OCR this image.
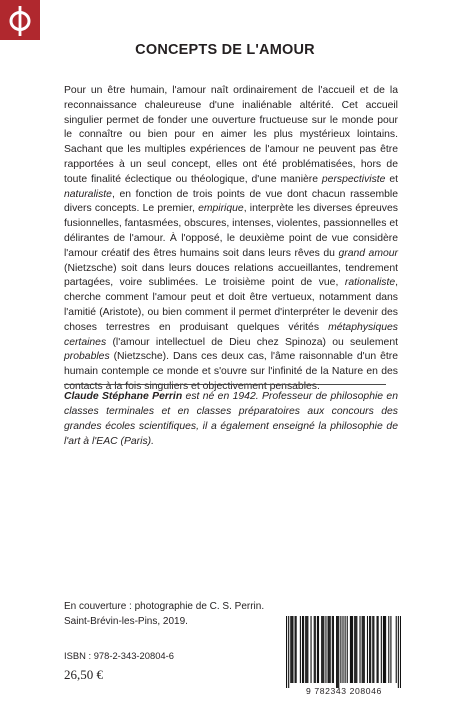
CONCEPTS DE L'AMOUR

Pour un être humain, l'amour naît ordinairement de l'accueil et de la reconnaissance chaleureuse d'une inaliénable altérité. Cet accueil singulier permet de fonder une ouverture fructueuse sur le monde pour le connaître ou bien pour en aimer les plus mystérieux lointains. Sachant que les multiples expériences de l'amour ne peuvent pas être rapportées à un seul concept, elles ont été problématisées, hors de toute finalité éclectique ou théologique, d'une manière perspectiviste et naturaliste, en fonction de trois points de vue dont chacun rassemble divers concepts. Le premier, empirique, interprète les diverses épreuves fusionnelles, fantasmées, obscures, intenses, violentes, passionnelles et délirantes de l'amour. À l'opposé, le deuxième point de vue considère l'amour créatif des êtres humains soit dans leurs rêves du grand amour (Nietzsche) soit dans leurs douces relations accueillantes, tendrement partagées, voire sublimées. Le troisième point de vue, rationaliste, cherche comment l'amour peut et doit être vertueux, notamment dans l'amitié (Aristote), ou bien comment il permet d'interpréter le devenir des choses terrestres en produisant quelques vérités métaphysiques certaines (l'amour intellectuel de Dieu chez Spinoza) ou seulement probables (Nietzsche). Dans ces deux cas, l'âme raisonnable d'un être humain contemple ce monde et s'ouvre sur l'infinité de la Nature en des contacts à la fois singuliers et objectivement pensables.

Claude Stéphane Perrin est né en 1942. Professeur de philosophie en classes terminales et en classes préparatoires aux concours des grandes écoles scientifiques, il a également enseigné la philosophie de l'art à l'EAC (Paris).

En couverture : photographie de C. S. Perrin.
Saint-Brévin-les-Pins, 2019.
ISBN : 978-2-343-20804-6
26,50 €
9 782343 208046
